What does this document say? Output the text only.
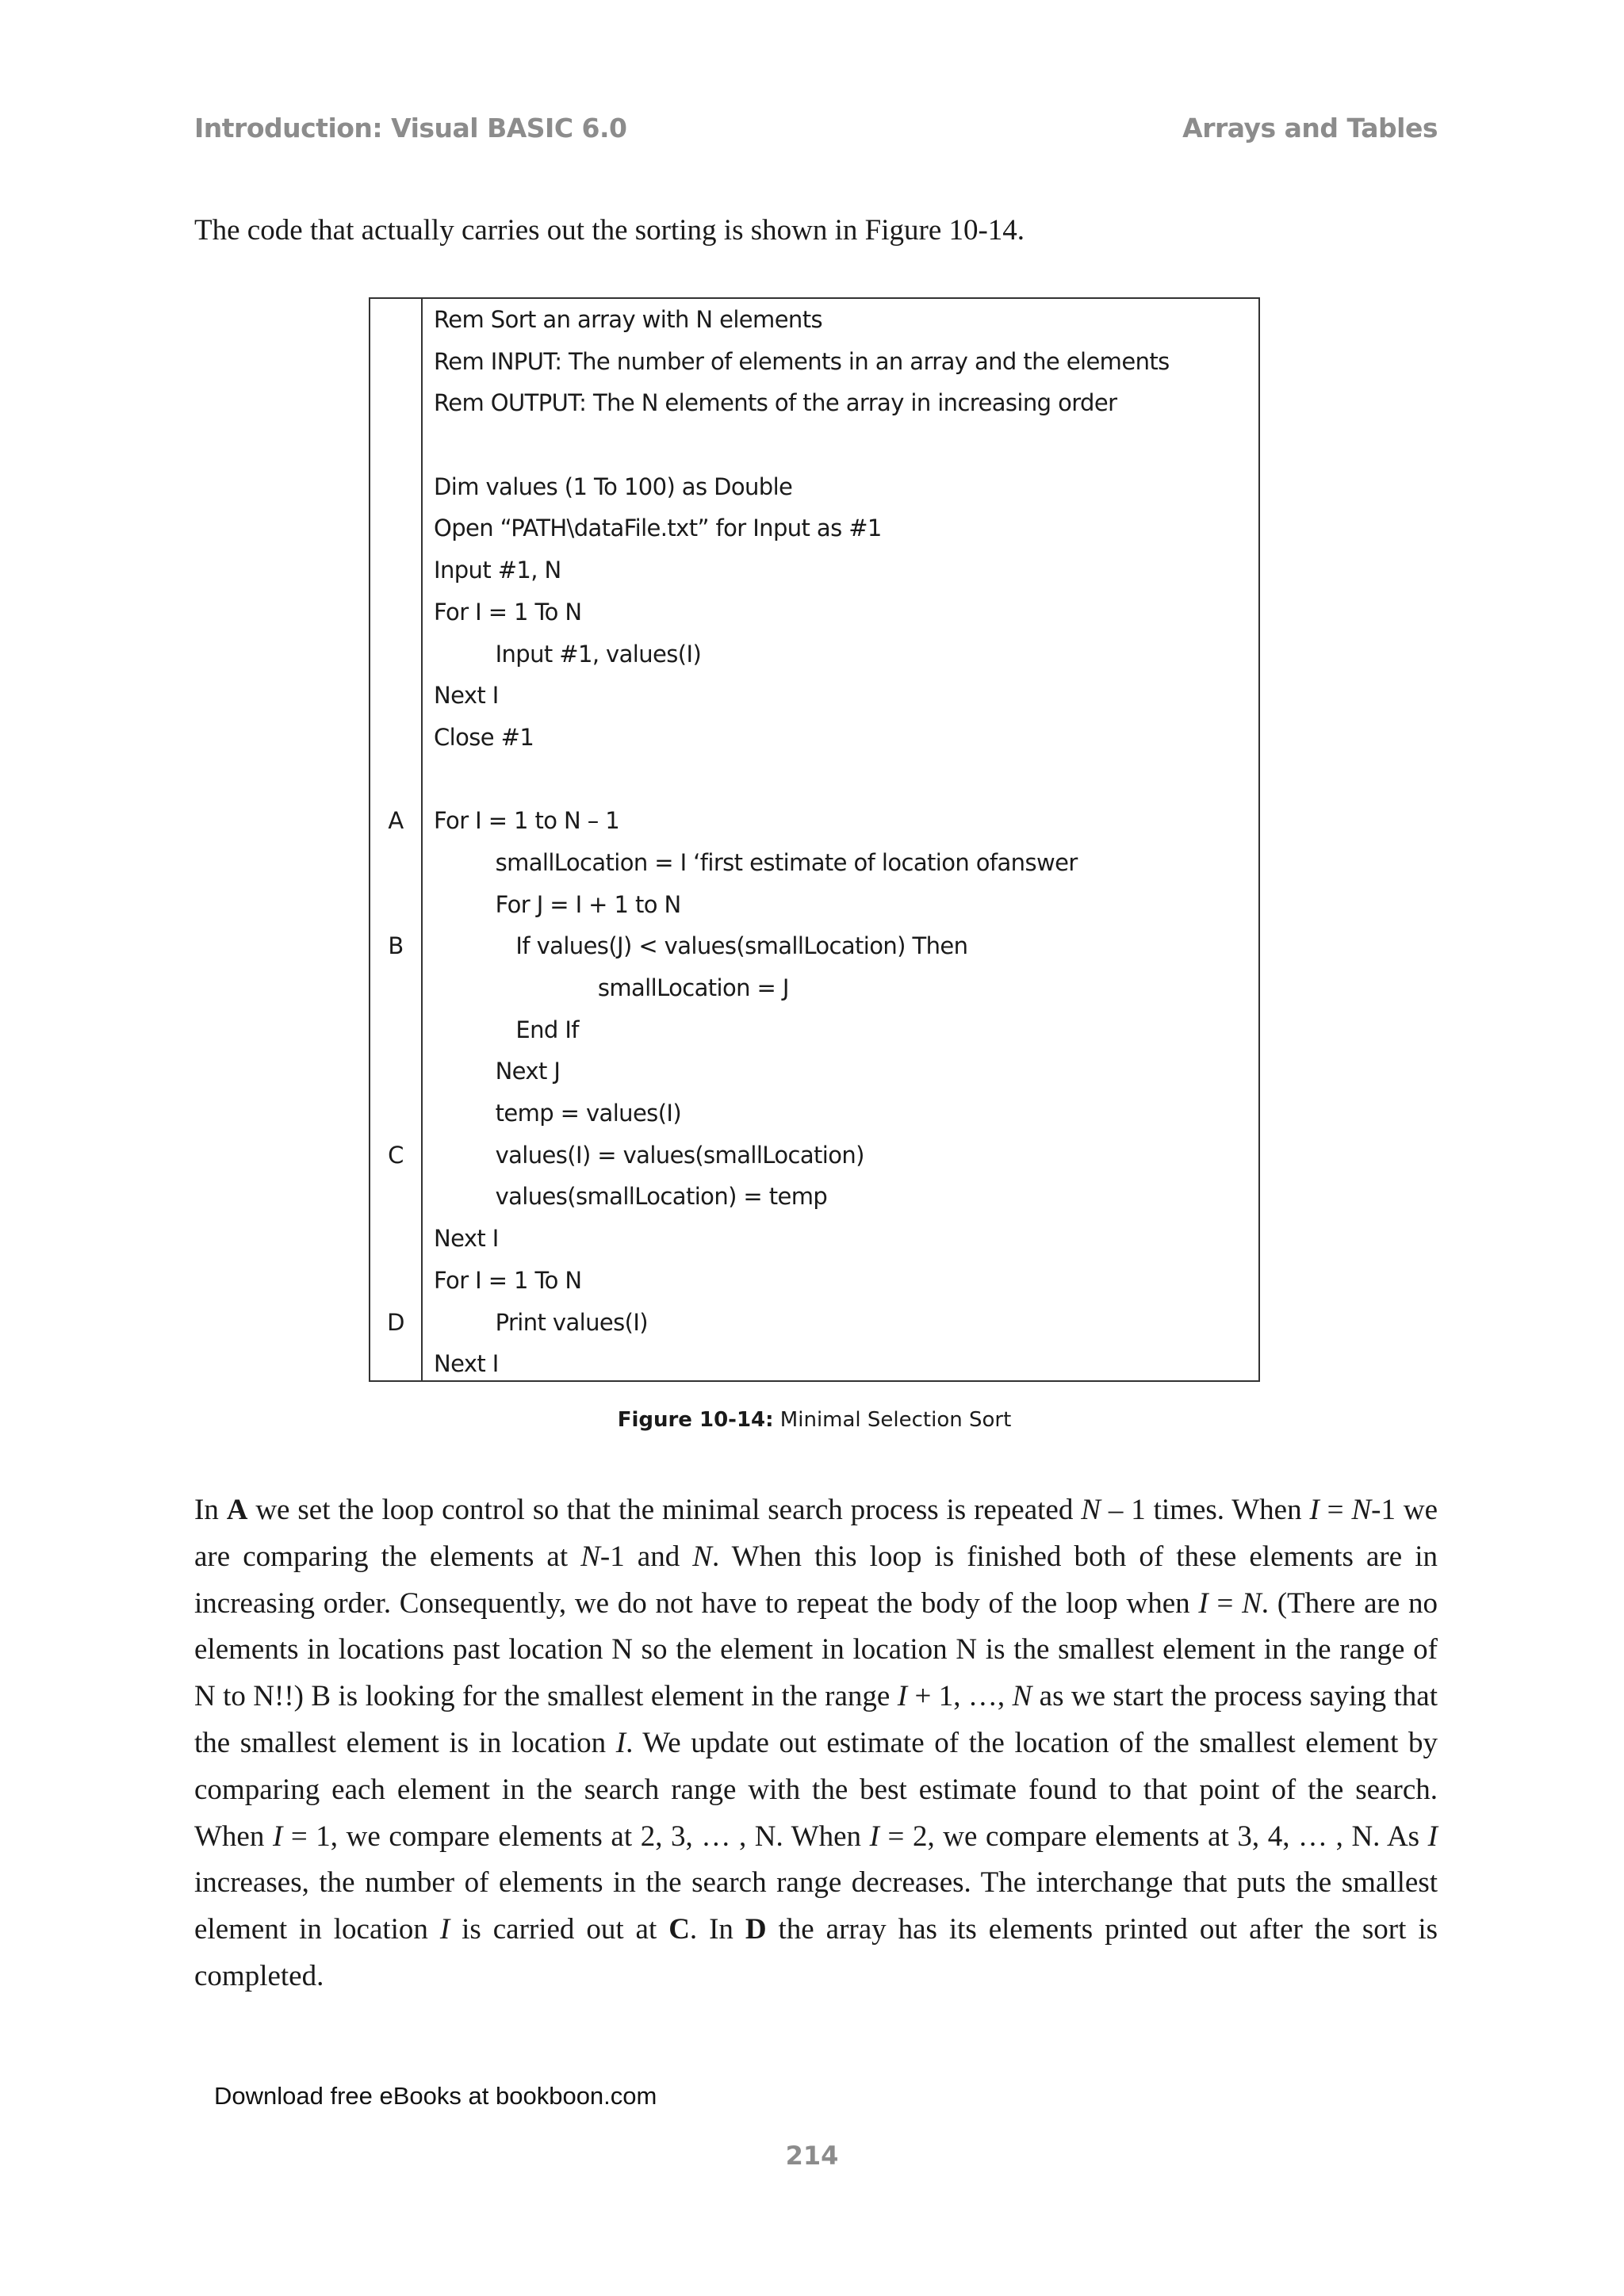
Introduction: Visual BASIC 6.0	Arrays and Tables

The code that actually carries out the sorting is shown in Figure 10-14.

A
B
C
D
Rem Sort an array with N elements
Rem INPUT: The number of elements in an array and the elements
Rem OUTPUT: The N elements of the array in increasing order
Dim values (1 To 100) as Double
Open “PATH\dataFile.txt” for Input as #1
Input #1, N
For I = 1 To N
Input #1, values(I)
Next I
Close #1
For I = 1 to N – 1
smallLocation = I ‘first estimate of location ofanswer
For J = I + 1 to N
If values(J) < values(smallLocation) Then
smallLocation = J
End If
Next J
temp = values(I)
values(I) = values(smallLocation)
values(smallLocation) = temp
Next I
For I = 1 To N
Print values(I)
Next I

Figure 10-14: Minimal Selection Sort

In A we set the loop control so that the minimal search process is repeated N – 1 times. When I = N-1 we are comparing the elements at N-1 and N. When this loop is finished both of these elements are in increasing order. Consequently, we do not have to repeat the body of the loop when I = N. (There are no elements in locations past location N so the element in location N is the smallest element in the range of N to N!!) B is looking for the smallest element in the range I + 1, …, N as we start the process saying that the smallest element is in location I. We update out estimate of the location of the smallest element by comparing each element in the search range with the best estimate found to that point of the search. When I = 1, we compare elements at 2, 3, … , N. When I = 2, we compare elements at 3, 4, … , N. As I increases, the number of elements in the search range decreases. The interchange that puts the smallest element in location I is carried out at C. In D the array has its elements printed out after the sort is completed.

Download free eBooks at bookboon.com

214
